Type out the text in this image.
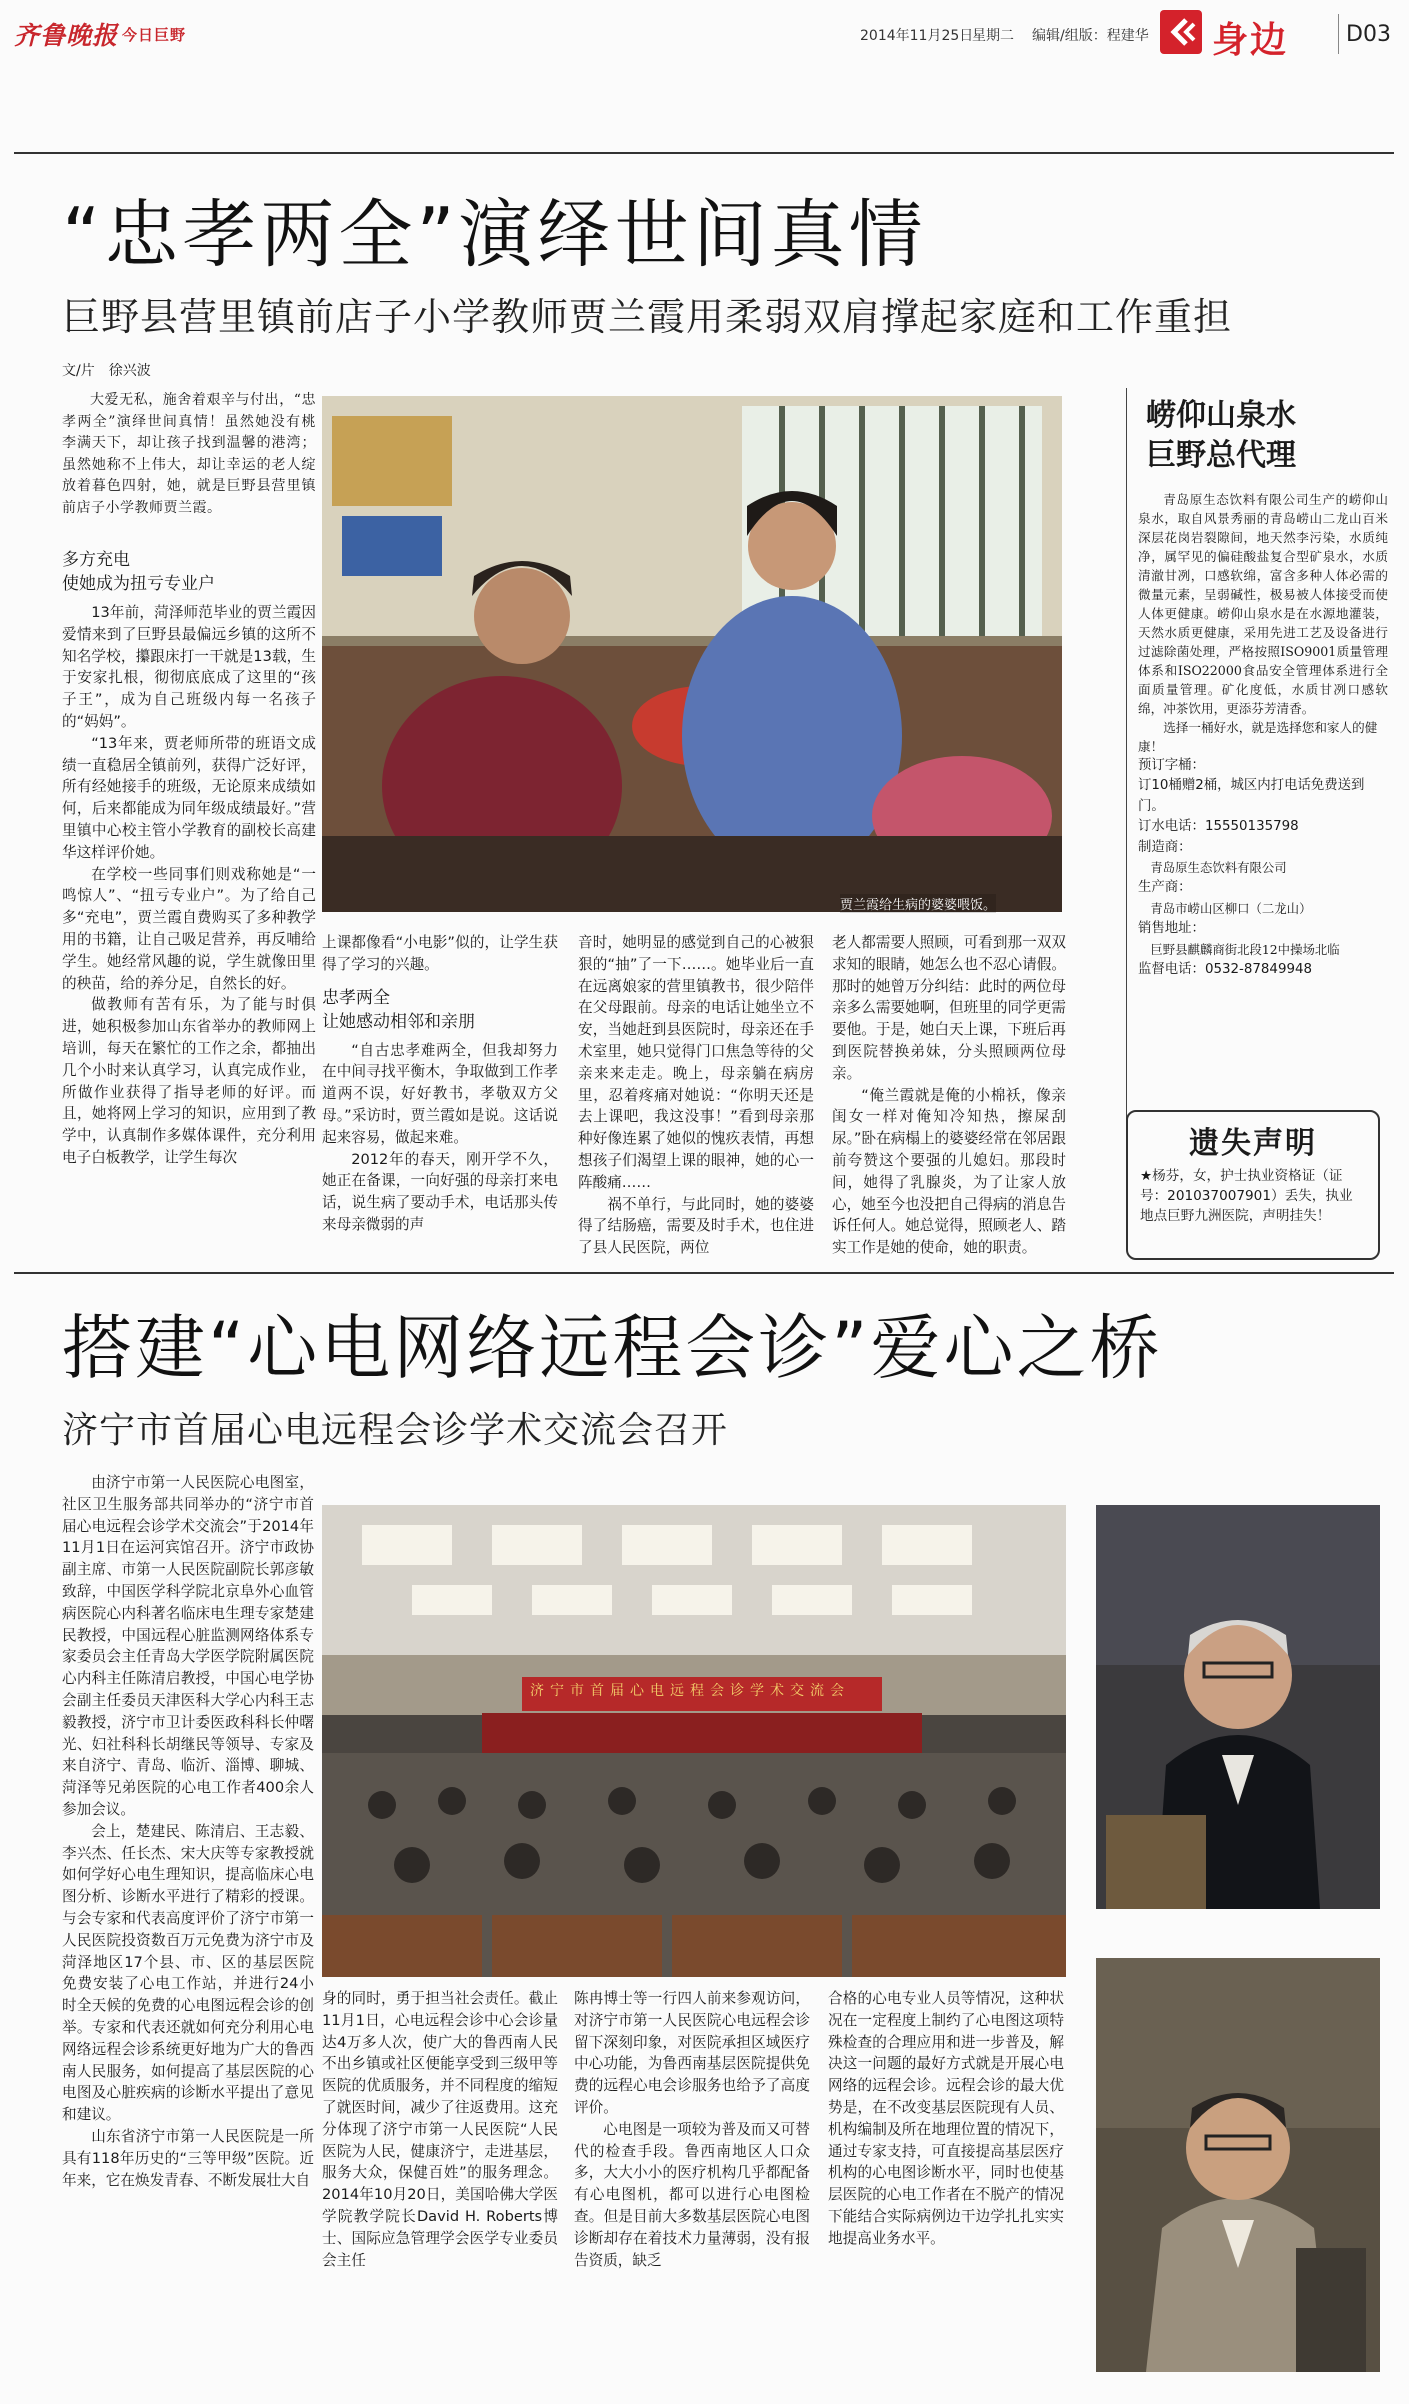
齐鲁晚报 今日巨野	2014年11月25日
星期二 编辑/组版：程建华 身边	D03
“忠孝两全”演绎世间真情
巨野县营里镇前店子小学教师贾兰霞用柔弱双肩撑起家庭和工作重担
文/片　徐兴波
大爱无私，施舍着艰辛与付出，“忠孝两全”演绎世间真情！虽然她没有桃李满天下，却让孩子找到温馨的港湾；虽然她称不上伟大，却让幸运的老人绽放着暮色四射，她，就是巨野县营里镇前店子小学教师贾兰霞。
多方充电
使她成为扭亏专业户

13年前，菏泽师范毕业的贾兰霞因爱情来到了巨野县最偏远乡镇的这所不知名学校，攥跟床打一干就是13载，生于安家扎根，彻彻底底成了这里的“孩子王”，成为自己班级内每一名孩子的“妈妈”。

“13年来，贾老师所带的班语文成绩一直稳居全镇前列，获得广泛好评，所有经她接手的班级，无论原来成绩如何，后来都能成为同年级成绩最好。”营里镇中心校主管小学教育的副校长高建华这样评价她。

在学校一些同事们则戏称她是“一鸣惊人”、“扭亏专业户”。为了给自己多“充电”，贾兰霞自费购买了多种教学用的书籍，让自己吸足营养，再反哺给学生。她经常风趣的说，学生就像田里的秧苗，给的养分足，自然长的好。

做教师有苦有乐，为了能与时俱进，她积极参加山东省举办的教师网上培训，每天在繁忙的工作之余，都抽出几个小时来认真学习，认真完成作业，所做作业获得了指导老师的好评。而且，她将网上学习的知识，应用到了教学中，认真制作多媒体课件，充分利用电子白板教学，让学生每次

贾兰霞给生病的婆婆喂饭。

上课都像看“小电影”似的，让学生获得了学习的兴趣。

忠孝两全
让她感动相邻和亲朋

“自古忠孝难两全，但我却努力在中间寻找平衡木，争取做到工作孝道两不误，好好教书，孝敬双方父母。”采访时，贾兰霞如是说。这话说起来容易，做起来难。

2012年的春天，刚开学不久，她正在备课，一向好强的母亲打来电话，说生病了要动手术，电话那头传来母亲微弱的声

音时，她明显的感觉到自己的心被狠狠的“抽”了一下……。她毕业后一直在远离娘家的营里镇教书，很少陪伴在父母跟前。母亲的电话让她坐立不安，当她赶到县医院时，母亲还在手术室里，她只觉得门口焦急等待的父亲来来走走。晚上，母亲躺在病房里，忍着疼痛对她说：“你明天还是去上课吧，我这没事！”看到母亲那种好像连累了她似的愧疚表情，再想想孩子们渴望上课的眼神，她的心一阵酸痛……

祸不单行，与此同时，她的婆婆得了结肠癌，需要及时手术，也住进了县人民医院，两位

老人都需要人照顾，可看到那一双双求知的眼睛，她怎么也不忍心请假。那时的她曾万分纠结：此时的两位母亲多么需要她啊，但班里的同学更需要他。于是，她白天上课，下班后再到医院替换弟妹，分头照顾两位母亲。

“俺兰霞就是俺的小棉袄，像亲闺女一样对俺知冷知热，擦屎刮尿。”卧在病榻上的婆婆经常在邻居跟前夸赞这个要强的儿媳妇。那段时间，她得了乳腺炎，为了让家人放心，她至今也没把自己得病的消息告诉任何人。她总觉得，照顾老人、踏实工作是她的使命，她的职责。

崂仰山泉水
巨野总代理

青岛原生态饮料有限公司生产的崂仰山泉水，取自风景秀丽的青岛崂山二龙山百米深层花岗岩裂隙间，地天然李污染，水质纯净，属罕见的偏硅酸盐复合型矿泉水，水质清澈甘冽，口感软绵，富含多种人体必需的微量元素，呈弱碱性，极易被人体接受而使人体更健康。崂仰山泉水是在水源地灌装，天然水质更健康，采用先进工艺及设备进行过滤除菌处理，严格按照ISO9001质量管理体系和ISO22000食品安全管理体系进行全面质量管理。矿化度低，水质甘冽口感软绵，冲茶饮用，更添芬芳清香。

选择一桶好水，就是选择您和家人的健康！

预订字桶：

订10桶赠2桶，城区内打电话免费送到门。

订水电话：15550135798

制造商：

青岛原生态饮料有限公司

生产商：

青岛市崂山区柳口（二龙山）

销售地址：

巨野县麒麟商街北段12中操场北临

监督电话：0532-87849948

遗失声明
★杨芬，女，护士执业资格证（证号：201037007901）丢失，执业地点巨野九洲医院，声明挂失！
搭建“心电网络远程会诊”爱心之桥
济宁市首届心电远程会诊学术交流会召开

由济宁市第一人民医院心电图室，社区卫生服务部共同举办的“济宁市首届心电远程会诊学术交流会”于2014年11月1日在运河宾馆召开。济宁市政协副主席、市第一人民医院副院长郭彦敏致辞，中国医学科学院北京阜外心血管病医院心内科著名临床电生理专家楚建民教授，中国远程心脏监测网络体系专家委员会主任青岛大学医学院附属医院心内科主任陈清启教授，中国心电学协会副主任委员天津医科大学心内科王志毅教授，济宁市卫计委医政科科长仲曙光、妇社科科长胡继民等领导、专家及来自济宁、青岛、临沂、淄博、聊城、菏泽等兄弟医院的心电工作者400余人参加会议。

会上，楚建民、陈清启、王志毅、李兴杰、任长杰、宋大庆等专家教授就如何学好心电生理知识，提高临床心电图分析、诊断水平进行了精彩的授课。与会专家和代表高度评价了济宁市第一人民医院投资数百万元免费为济宁市及菏泽地区17个县、市、区的基层医院免费安装了心电工作站，并进行24小时全天候的免费的心电图远程会诊的创举。专家和代表还就如何充分利用心电网络远程会诊系统更好地为广大的鲁西南人民服务，如何提高了基层医院的心电图及心脏疾病的诊断水平提出了意见和建议。

山东省济宁市第一人民医院是一所具有118年历史的“三等甲级”医院。近年来，它在焕发青春、不断发展壮大自

济宁市首届心电远程会诊学术交流会

身的同时，勇于担当社会责任。截止11月1日，心电远程会诊中心会诊量达4万多人次，使广大的鲁西南人民不出乡镇或社区便能享受到三级甲等医院的优质服务，并不同程度的缩短了就医时间，减少了往返费用。这充分体现了济宁市第一人民医院“人民医院为人民，健康济宁，走进基层，服务大众，保健百姓”的服务理念。2014年10月20日，美国哈佛大学医学院教学院长David H. Roberts博士、国际应急管理学会医学专业委员会主任

陈冉博士等一行四人前来参观访问，对济宁市第一人民医院心电远程会诊留下深刻印象，对医院承担区域医疗中心功能，为鲁西南基层医院提供免费的远程心电会诊服务也给予了高度评价。

心电图是一项较为普及而又可替代的检查手段。鲁西南地区人口众多，大大小小的医疗机构几乎都配备有心电图机，都可以进行心电图检查。但是目前大多数基层医院心电图诊断却存在着技术力量薄弱，没有报告资质，缺乏

合格的心电专业人员等情况，这种状况在一定程度上制约了心电图这项特殊检查的合理应用和进一步普及，解决这一问题的最好方式就是开展心电网络的远程会诊。远程会诊的最大优势是，在不改变基层医院现有人员、机构编制及所在地理位置的情况下，通过专家支持，可直接提高基层医疗机构的心电图诊断水平，同时也使基层医院的心电工作者在不脱产的情况下能结合实际病例边干边学扎扎实实地提高业务水平。
